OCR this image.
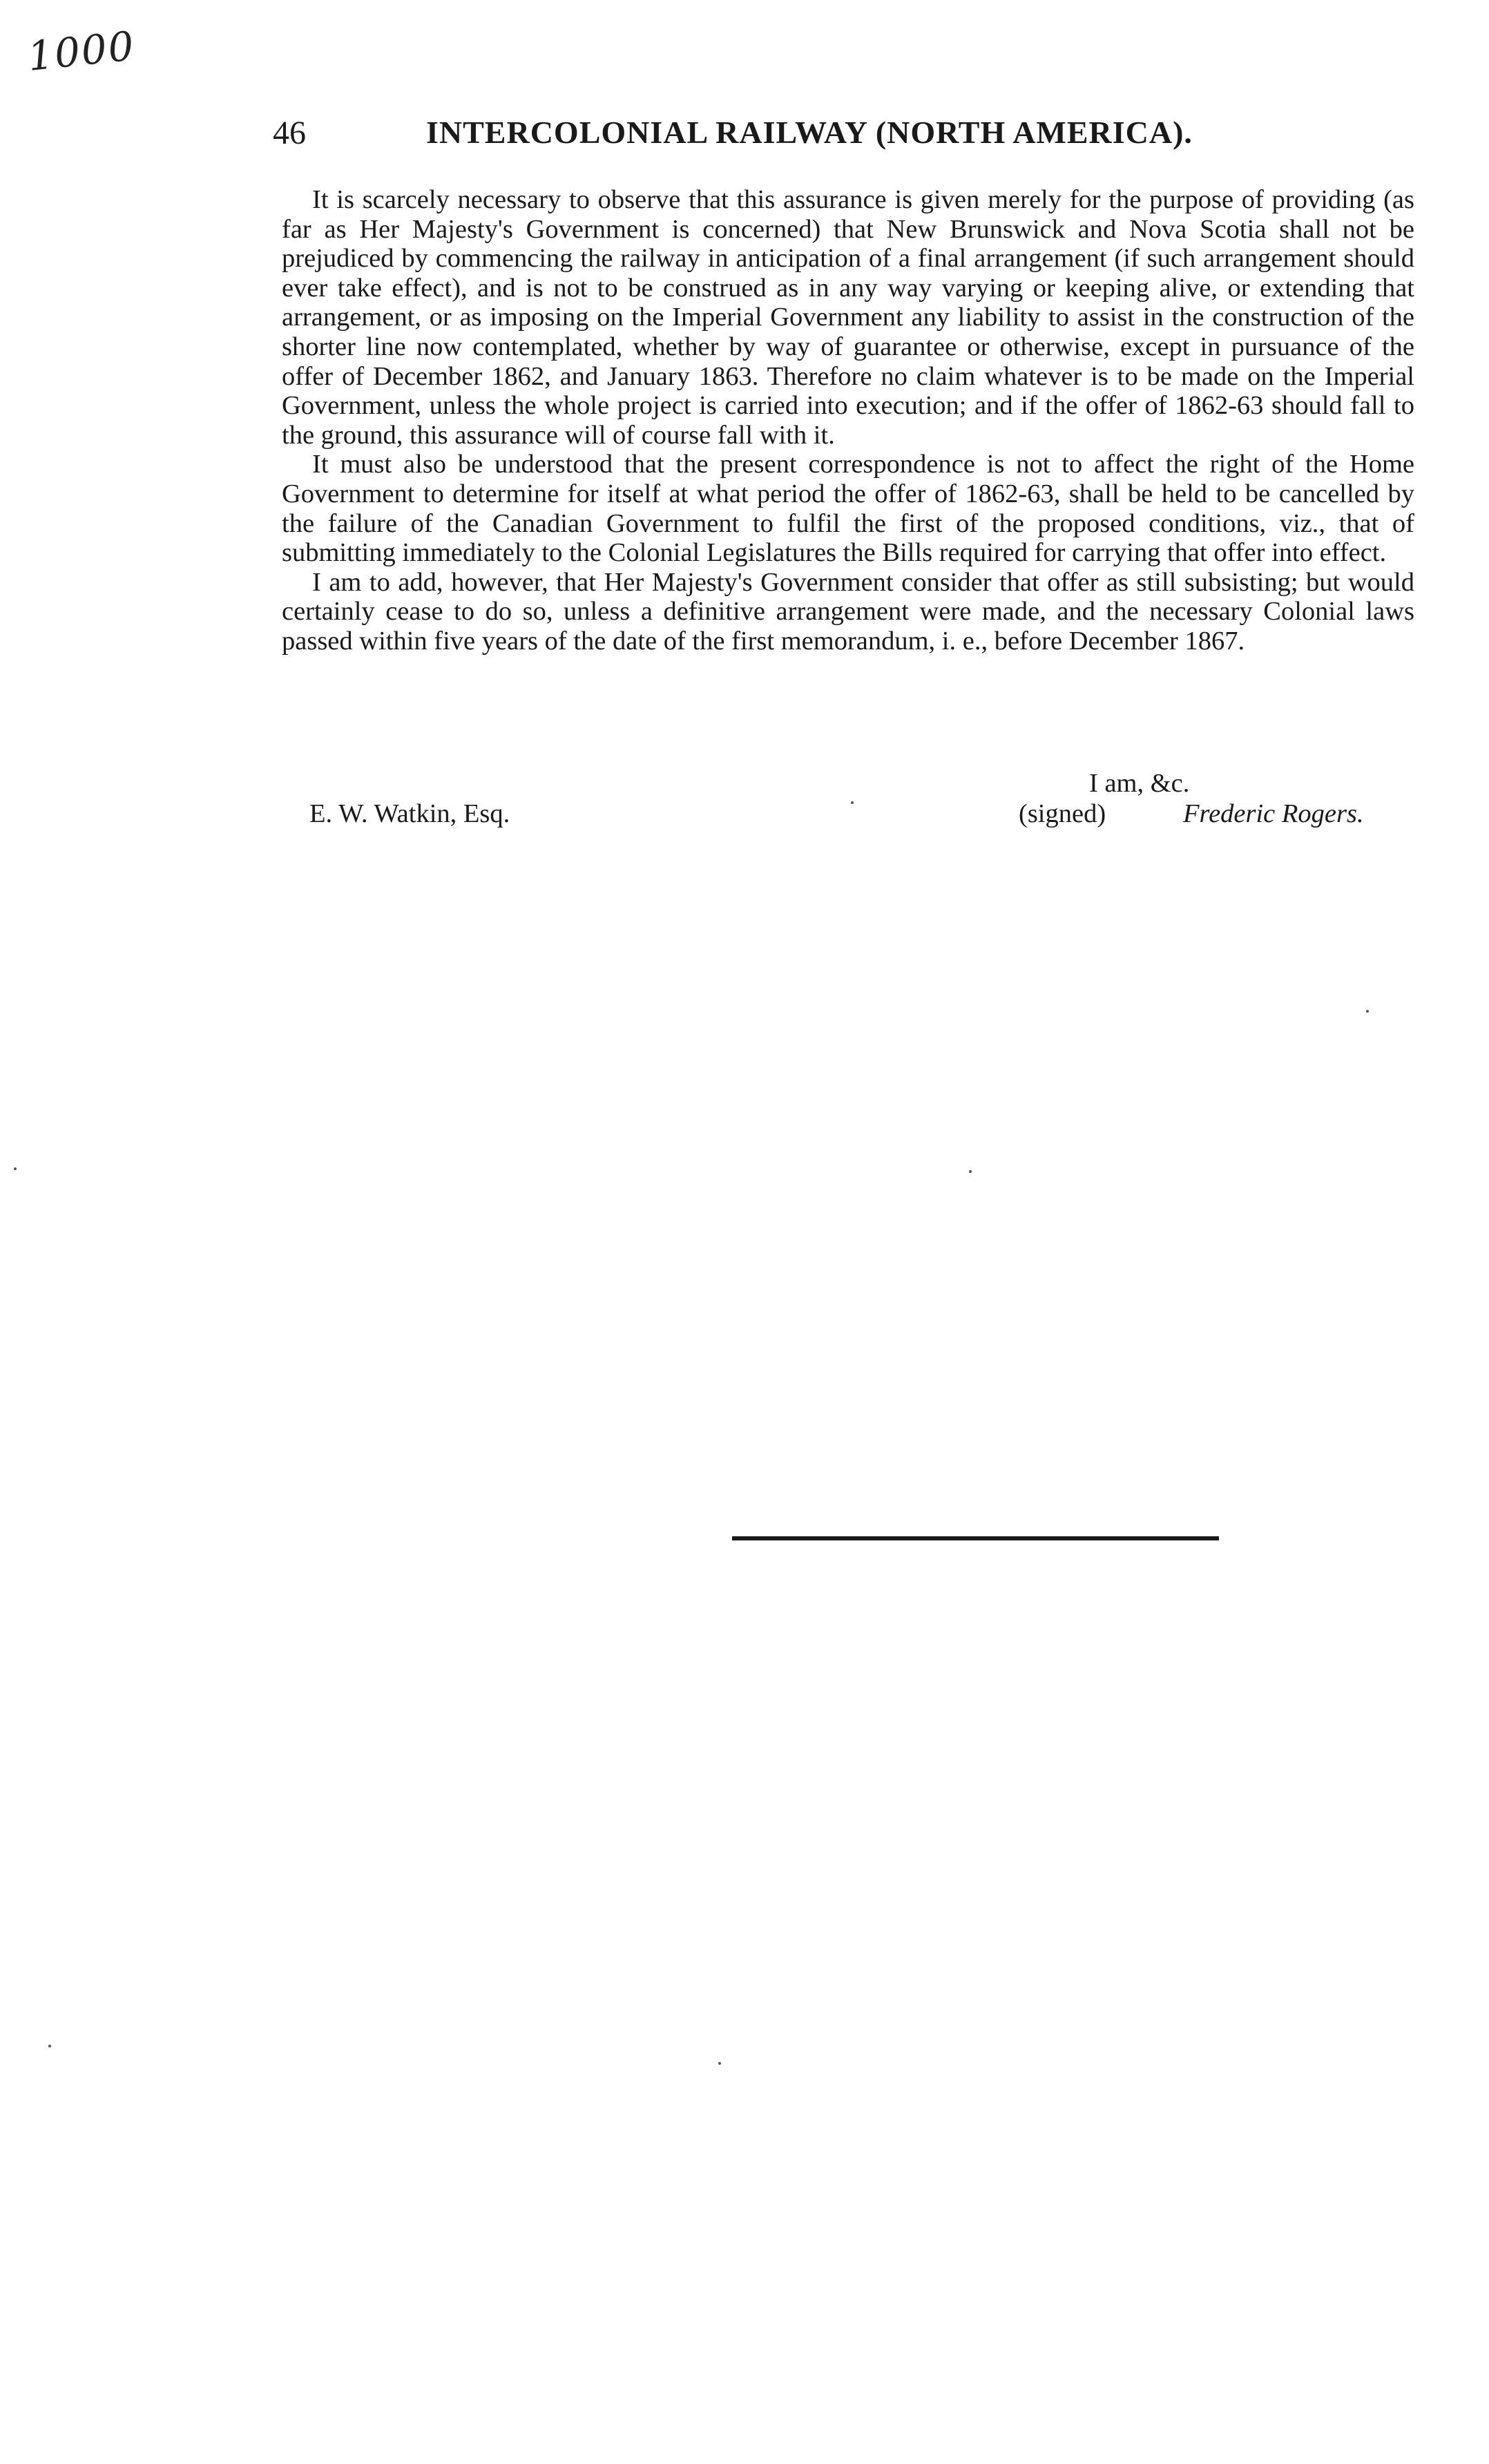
1000
46	INTERCOLONIAL RAILWAY (NORTH AMERICA).

It is scarcely necessary to observe that this assurance is given merely for the purpose of providing (as far as Her Majesty's Government is concerned) that New Brunswick and Nova Scotia shall not be prejudiced by commencing the railway in anticipation of a final arrangement (if such arrangement should ever take effect), and is not to be construed as in any way varying or keeping alive, or extending that arrangement, or as imposing on the Imperial Government any liability to assist in the construction of the shorter line now contemplated, whether by way of guarantee or otherwise, except in pursuance of the offer of December 1862, and January 1863. Therefore no claim whatever is to be made on the Imperial Government, unless the whole project is carried into execution; and if the offer of 1862-63 should fall to the ground, this assurance will of course fall with it.

It must also be understood that the present correspondence is not to affect the right of the Home Government to determine for itself at what period the offer of 1862-63, shall be held to be cancelled by the failure of the Canadian Government to fulfil the first of the proposed conditions, viz., that of submitting immediately to the Colonial Legislatures the Bills required for carrying that offer into effect.

I am to add, however, that Her Majesty's Government consider that offer as still subsisting; but would certainly cease to do so, unless a definitive arrangement were made, and the necessary Colonial laws passed within five years of the date of the first memorandum, i. e., before December 1867.

I am, &c.
E. W. Watkin, Esq.	(signed)	Frederic Rogers.
